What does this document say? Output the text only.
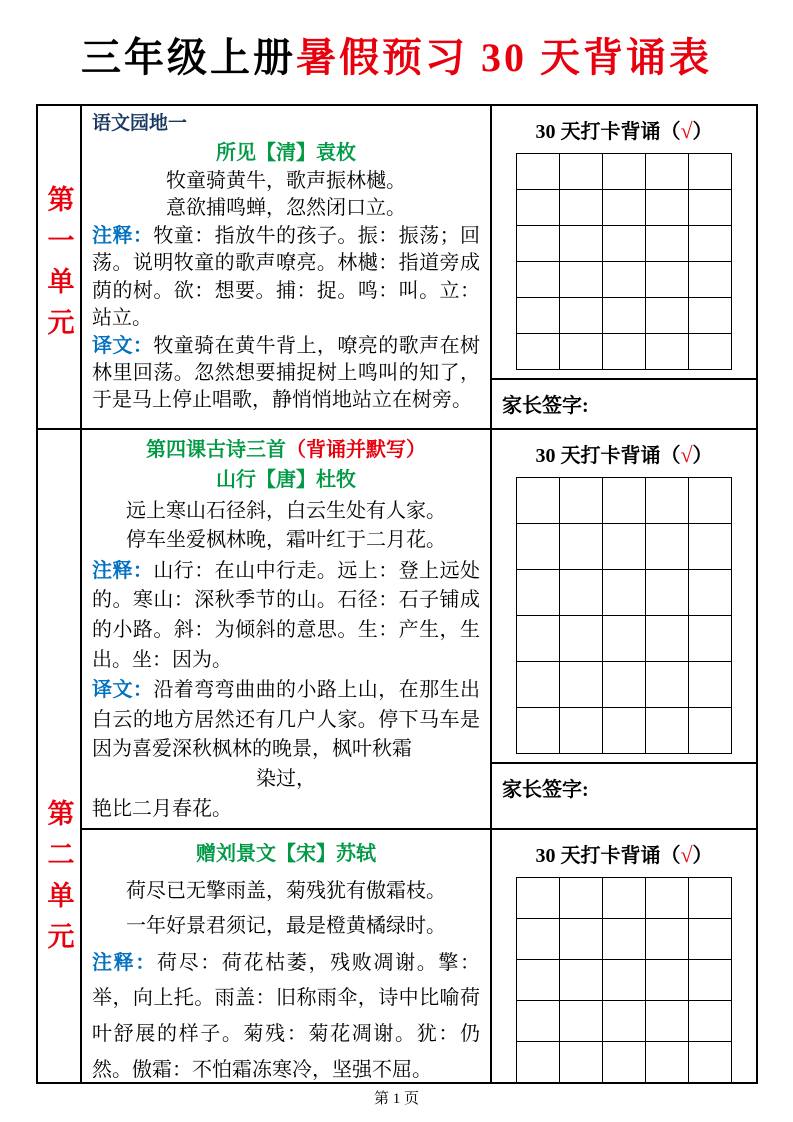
三年级上册暑假预习 30 天背诵表
第一单元
语文园地一
所见【清】袁枚
牧童骑黄牛，歌声振林樾。
意欲捕鸣蝉，忽然闭口立。

注释：牧童：指放牛的孩子。振：振荡；回荡。说明牧童的歌声嘹亮。林樾：指道旁成荫的树。欲：想要。捕：捉。鸣：叫。立：站立。

译文：牧童骑在黄牛背上，嘹亮的歌声在树林里回荡。忽然想要捕捉树上鸣叫的知了，于是马上停止唱歌，静悄悄地站立在树旁。

30 天打卡背诵（√）
家长签字:
第二单元
第四课古诗三首（背诵并默写）
山行【唐】杜牧
远上寒山石径斜，白云生处有人家。
停车坐爱枫林晚，霜叶红于二月花。

注释：山行：在山中行走。远上：登上远处的。寒山：深秋季节的山。石径：石子铺成的小路。斜：为倾斜的意思。生：产生，生出。坐：因为。

译文：沿着弯弯曲曲的小路上山，在那生出白云的地方居然还有几户人家。停下马车是因为喜爱深秋枫林的晚景，枫叶秋霜

染过，
艳比二月春花。
30 天打卡背诵（√）
家长签字:
赠刘景文【宋】苏轼
荷尽已无擎雨盖，菊残犹有傲霜枝。
一年好景君须记，最是橙黄橘绿时。

注释：荷尽：荷花枯萎，残败凋谢。擎：举，向上托。雨盖：旧称雨伞，诗中比喻荷叶舒展的样子。菊残：菊花凋谢。犹：仍然。傲霜：不怕霜冻寒冷，坚强不屈。

30 天打卡背诵（√）
第 1 页
